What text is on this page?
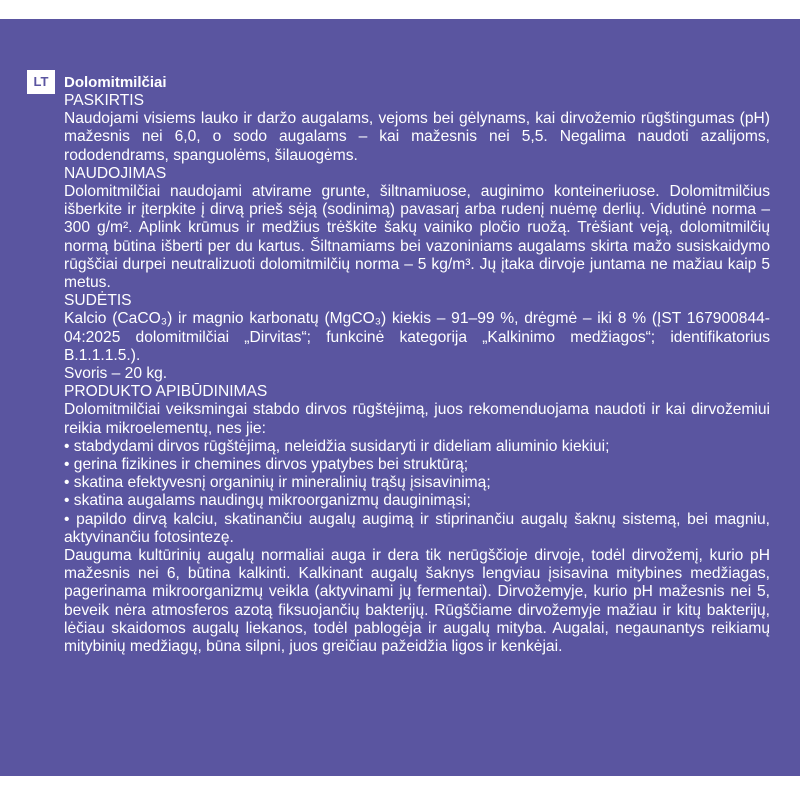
LT	Dolomitmilčiai
PASKIRTIS

Naudojami visiems lauko ir daržo augalams, vejoms bei gėlynams, kai dirvožemio rūgštingumas (pH) mažesnis nei 6,0, o sodo augalams – kai mažesnis nei 5,5. Negalima naudoti azalijoms, rododendrams, spanguolėms, šilauogėms.

NAUDOJIMAS

Dolomitmilčiai naudojami atvirame grunte, šiltnamiuose, auginimo konteineriuose. Dolomitmilčius išberkite ir įterpkite į dirvą prieš sėją (sodinimą) pavasarį arba rudenį nuėmę derlių. Vidutinė norma – 300 g/m². Aplink krūmus ir medžius trėškite šakų vainiko pločio ruožą. Trėšiant veją, dolomitmilčių normą būtina išberti per du kartus. Šiltnamiams bei vazoniniams augalams skirta mažo susiskaidymo rūgščiai durpei neutralizuoti dolomitmilčių norma – 5 kg/m³. Jų įtaka dirvoje juntama ne mažiau kaip 5 metus.

SUDĖTIS

Kalcio (CaCO₃) ir magnio karbonatų (MgCO₃) kiekis – 91–99 %, drėgmė – iki 8 % (ĮST 167900844-04:2025 dolomitmilčiai „Dirvitas“; funkcinė kategorija „Kalkinimo medžiagos“; identifikatorius B.1.1.1.5.).

Svoris – 20 kg.

PRODUKTO APIBŪDINIMAS

Dolomitmilčiai veiksmingai stabdo dirvos rūgštėjimą, juos rekomenduojama naudoti ir kai dirvožemiui reikia mikroelementų, nes jie:

• stabdydami dirvos rūgštėjimą, neleidžia susidaryti ir dideliam aliuminio kiekiui;

• gerina fizikines ir chemines dirvos ypatybes bei struktūrą;

• skatina efektyvesnį organinių ir mineralinių trąšų įsisavinimą;

• skatina augalams naudingų mikroorganizmų dauginimąsi;

• papildo dirvą kalciu, skatinančiu augalų augimą ir stiprinančiu augalų šaknų sistemą, bei magniu, aktyvinančiu fotosintezę.

Dauguma kultūrinių augalų normaliai auga ir dera tik nerūgščioje dirvoje, todėl dirvožemį, kurio pH mažesnis nei 6, būtina kalkinti. Kalkinant augalų šaknys lengviau įsisavina mitybines medžiagas, pagerinama mikroorganizmų veikla (aktyvinami jų fermentai). Dirvožemyje, kurio pH mažesnis nei 5, beveik nėra atmosferos azotą fiksuojančių bakterijų. Rūgščiame dirvožemyje mažiau ir kitų bakterijų, lėčiau skaidomos augalų liekanos, todėl pablogėja ir augalų mityba. Augalai, negaunantys reikiamų mitybinių medžiagų, būna silpni, juos greičiau pažeidžia ligos ir kenkėjai.
